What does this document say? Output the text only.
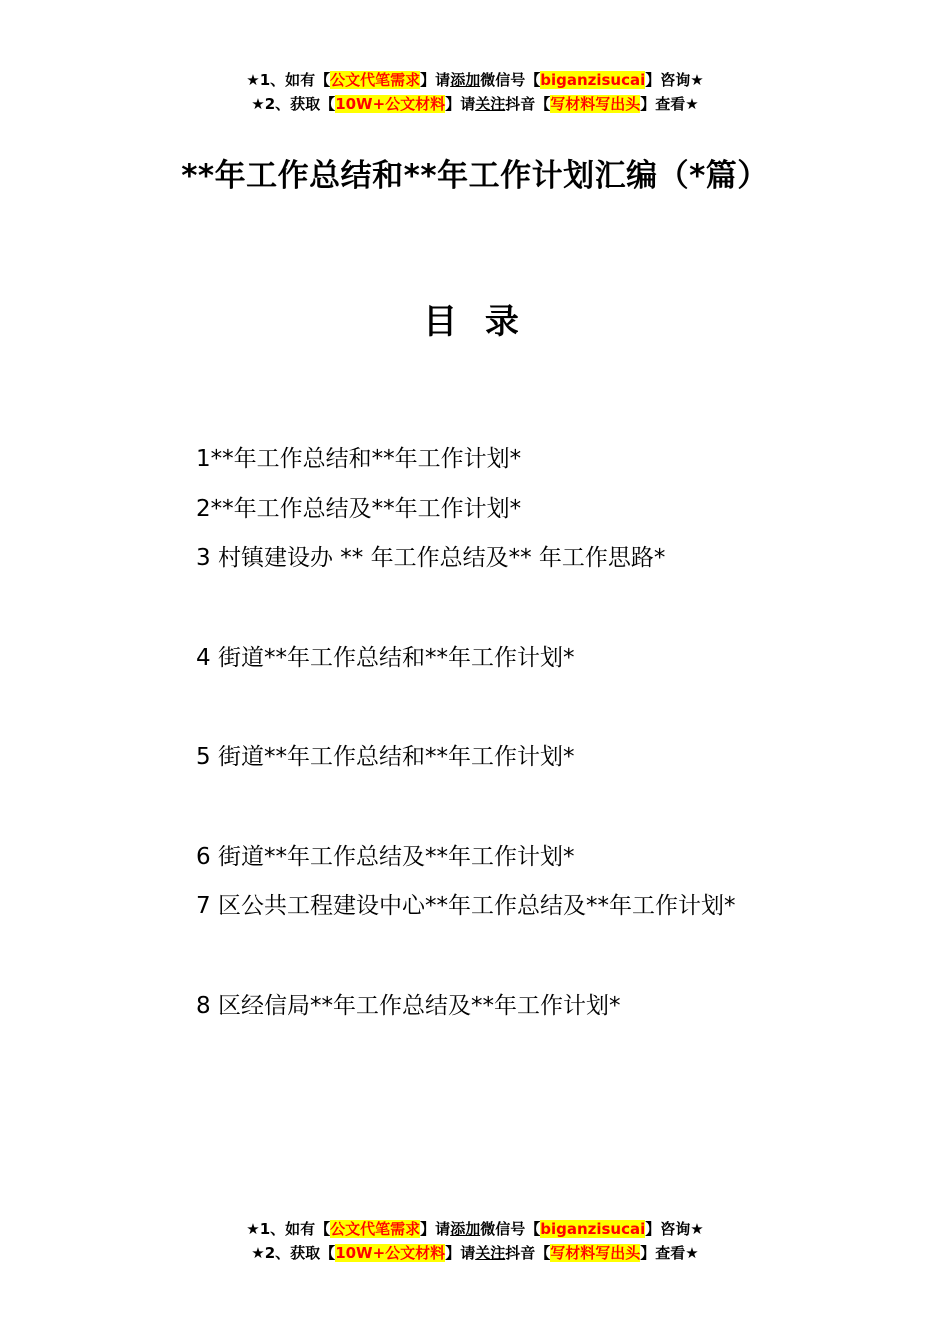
★1、如有【公文代笔需求】请添加微信号【biganzisucai】咨询★
★2、获取【10W+公文材料】请关注抖音【写材料写出头】查看★
**年工作总结和**年工作计划汇编（*篇）
目 录
1**年工作总结和**年工作计划*
2**年工作总结及**年工作计划*
3 村镇建设办 ** 年工作总结及** 年工作思路*
4 街道**年工作总结和**年工作计划*
5 街道**年工作总结和**年工作计划*
6 街道**年工作总结及**年工作计划*
7 区公共工程建设中心**年工作总结及**年工作计划*
8 区经信局**年工作总结及**年工作计划*
★1、如有【公文代笔需求】请添加微信号【biganzisucai】咨询★
★2、获取【10W+公文材料】请关注抖音【写材料写出头】查看★
